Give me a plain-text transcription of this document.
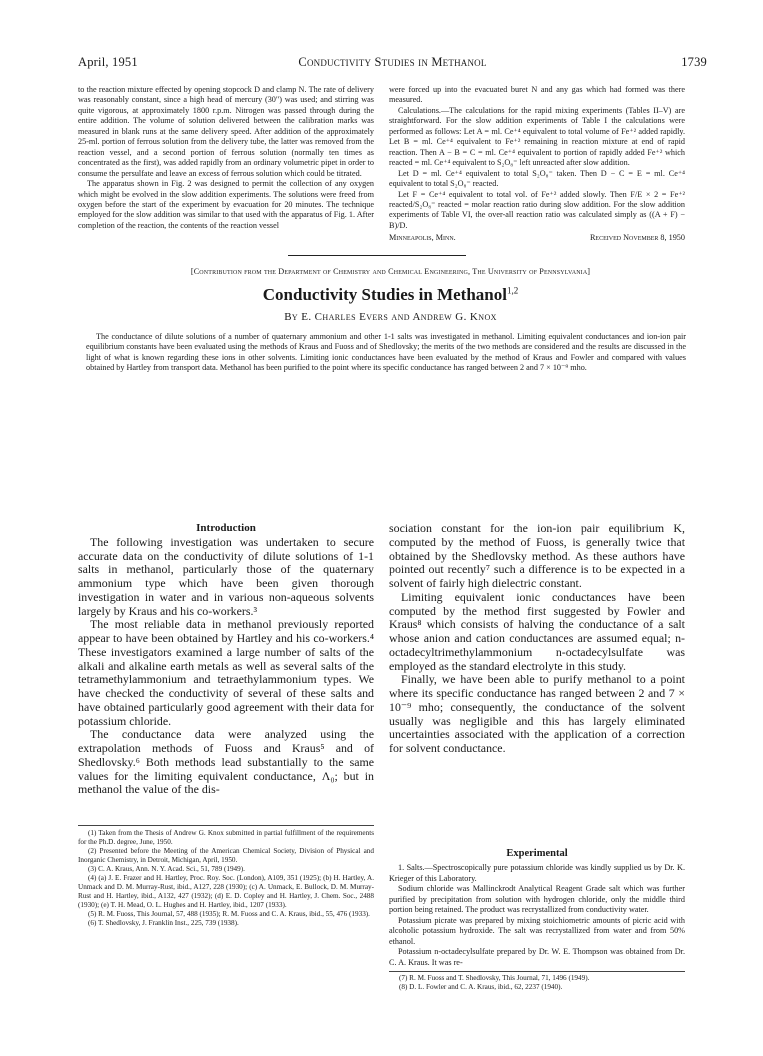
April, 1951	Conductivity Studies in Methanol	1739

to the reaction mixture effected by opening stopcock D and clamp N. The rate of delivery was reasonably constant, since a high head of mercury (30") was used; and stirring was quite vigorous, at approximately 1800 r.p.m. Nitrogen was passed through during the entire addition. The volume of solution delivered between the calibration marks was measured in blank runs at the same delivery speed. After addition of the approximately 25-ml. portion of ferrous solution from the delivery tube, the latter was removed from the reaction vessel, and a second portion of ferrous solution (normally ten times as concentrated as the first), was added rapidly from an ordinary volumetric pipet in order to consume the persulfate and leave an excess of ferrous solution which could be titrated.

The apparatus shown in Fig. 2 was designed to permit the collection of any oxygen which might be evolved in the slow addition experiments. The solutions were freed from oxygen before the start of the experiment by evacuation for 20 minutes. The technique employed for the slow addition was similar to that used with the apparatus of Fig. 1. After completion of the reaction, the contents of the reaction vessel

were forced up into the evacuated buret N and any gas which had formed was there measured.

Calculations.—The calculations for the rapid mixing experiments (Tables II–V) are straightforward. For the slow addition experiments of Table I the calculations were performed as follows: Let A = ml. Ce⁺⁴ equivalent to total volume of Fe⁺² added rapidly. Let B = ml. Ce⁺⁴ equivalent to Fe⁺² remaining in reaction mixture at end of rapid reaction. Then A − B = C = ml. Ce⁺⁴ equivalent to portion of rapidly added Fe⁺² which reacted = ml. Ce⁺⁴ equivalent to S₂O₈⁼ left unreacted after slow addition.

Let D = ml. Ce⁺⁴ equivalent to total S₂O₈⁼ taken. Then D − C = E = ml. Ce⁺⁴ equivalent to total S₂O₈⁼ reacted.

Let F = Ce⁺⁴ equivalent to total vol. of Fe⁺² added slowly. Then F/E × 2 = Fe⁺² reacted/S₂O₈⁼ reacted = molar reaction ratio during slow addition. For the slow addition experiments of Table VI, the over-all reaction ratio was calculated simply as ((A + F) − B)/D.

Minneapolis, Minn.	Received November 8, 1950
[Contribution from the Department of Chemistry and Chemical Engineering, The University of Pennsylvania]
Conductivity Studies in Methanol$^{1,2}$
By E. Charles Evers and Andrew G. Knox

The conductance of dilute solutions of a number of quaternary ammonium and other 1-1 salts was investigated in methanol. Limiting equivalent conductances and ion-ion pair equilibrium constants have been evaluated using the methods of Kraus and Fuoss and of Shedlovsky; the merits of the two methods are considered and the results are discussed in the light of what is known regarding these ions in other solvents. Limiting ionic conductances have been evaluated by the method of Kraus and Fowler and compared with values obtained by Hartley from transport data. Methanol has been purified to the point where its specific conductance has ranged between 2 and 7 × 10⁻⁹ mho.

Introduction

The following investigation was undertaken to secure accurate data on the conductivity of dilute solutions of 1-1 salts in methanol, particularly those of the quaternary ammonium type which have been given thorough investigation in water and in various non-aqueous solvents largely by Kraus and his co-workers.³

The most reliable data in methanol previously reported appear to have been obtained by Hartley and his co-workers.⁴ These investigators examined a large number of salts of the alkali and alkaline earth metals as well as several salts of the tetramethylammonium and tetraethylammonium types. We have checked the conductivity of several of these salts and have obtained particularly good agreement with their data for potassium chloride.

The conductance data were analyzed using the extrapolation methods of Fuoss and Kraus⁵ and of Shedlovsky.⁶ Both methods lead substantially to the same values for the limiting equivalent conductance, Λ₀; but in methanol the value of the dis-

(1) Taken from the Thesis of Andrew G. Knox submitted in partial fulfillment of the requirements for the Ph.D. degree, June, 1950.

(2) Presented before the Meeting of the American Chemical Society, Division of Physical and Inorganic Chemistry, in Detroit, Michigan, April, 1950.

(3) C. A. Kraus, Ann. N. Y. Acad. Sci., 51, 789 (1949).

(4) (a) J. E. Frazer and H. Hartley, Proc. Roy. Soc. (London), A109, 351 (1925); (b) H. Hartley, A. Unmack and D. M. Murray-Rust, ibid., A127, 228 (1930); (c) A. Unmack, E. Bullock, D. M. Murray-Rust and H. Hartley, ibid., A132, 427 (1932); (d) E. D. Copley and H. Hartley, J. Chem. Soc., 2488 (1930); (e) T. H. Mead, O. L. Hughes and H. Hartley, ibid., 1207 (1933).

(5) R. M. Fuoss, This Journal, 57, 488 (1935); R. M. Fuoss and C. A. Kraus, ibid., 55, 476 (1933).

(6) T. Shedlovsky, J. Franklin Inst., 225, 739 (1938).

sociation constant for the ion-ion pair equilibrium K, computed by the method of Fuoss, is generally twice that obtained by the Shedlovsky method. As these authors have pointed out recently⁷ such a difference is to be expected in a solvent of fairly high dielectric constant.

Limiting equivalent ionic conductances have been computed by the method first suggested by Fowler and Kraus⁸ which consists of halving the conductance of a salt whose anion and cation conductances are assumed equal; n-octadecyltrimethylammonium n-octadecylsulfate was employed as the standard electrolyte in this study.

Finally, we have been able to purify methanol to a point where its specific conductance has ranged between 2 and 7 × 10⁻⁹ mho; consequently, the conductance of the solvent usually was negligible and this has largely eliminated uncertainties associated with the application of a correction for solvent conductance.

Experimental

1. Salts.—Spectroscopically pure potassium chloride was kindly supplied us by Dr. K. Krieger of this Laboratory.

Sodium chloride was Mallinckrodt Analytical Reagent Grade salt which was further purified by precipitation from solution with hydrogen chloride, only the middle third portion being retained. The product was recrystallized from conductivity water.

Potassium picrate was prepared by mixing stoichiometric amounts of picric acid with alcoholic potassium hydroxide. The salt was recrystallized from water and from 50% ethanol.

Potassium n-octadecylsulfate prepared by Dr. W. E. Thompson was obtained from Dr. C. A. Kraus. It was re-

(7) R. M. Fuoss and T. Shedlovsky, This Journal, 71, 1496 (1949).

(8) D. L. Fowler and C. A. Kraus, ibid., 62, 2237 (1940).
